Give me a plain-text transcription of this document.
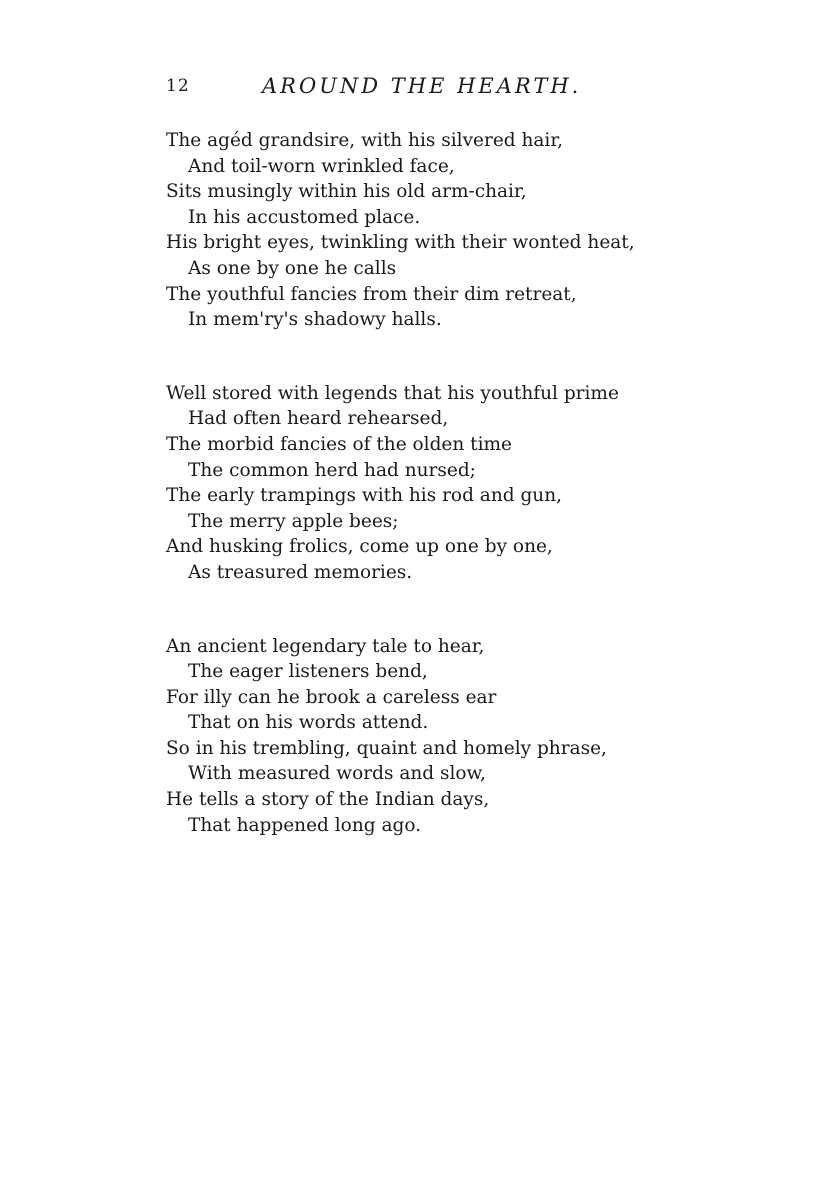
12	AROUND THE HEARTH.
The agéd grandsire, with his silvered hair,
And toil-worn wrinkled face,
Sits musingly within his old arm-chair,
In his accustomed place.
His bright eyes, twinkling with their wonted heat,
As one by one he calls
The youthful fancies from their dim retreat,
In mem'ry's shadowy halls.
Well stored with legends that his youthful prime
Had often heard rehearsed,
The morbid fancies of the olden time
The common herd had nursed;
The early trampings with his rod and gun,
The merry apple bees;
And husking frolics, come up one by one,
As treasured memories.
An ancient legendary tale to hear,
The eager listeners bend,
For illy can he brook a careless ear
That on his words attend.
So in his trembling, quaint and homely phrase,
With measured words and slow,
He tells a story of the Indian days,
That happened long ago.
